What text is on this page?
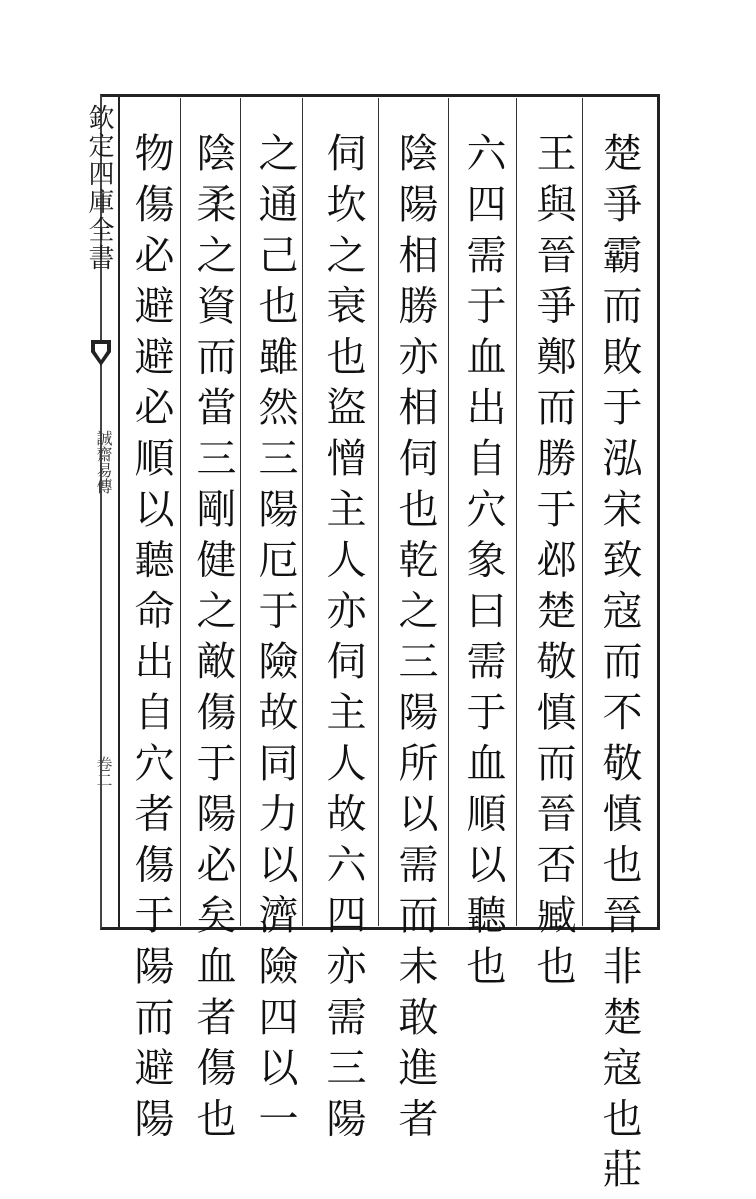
欽定四庫全書
誠齋易傳
卷二	楚爭霸而敗于泓宋致寇而不敬慎也晉非楚寇也莊
王與晉爭鄭而勝于邲楚敬慎而晉否臧也
六四需于血出自穴象曰需于血順以聽也
陰陽相勝亦相伺也乾之三陽所以需而未敢進者
伺坎之衰也盜憎主人亦伺主人故六四亦需三陽
之通己也雖然三陽厄于險故同力以濟險四以一
陰柔之資而當三剛健之敵傷于陽必矣血者傷也
物傷必避避必順以聽命出自穴者傷于陽而避陽
